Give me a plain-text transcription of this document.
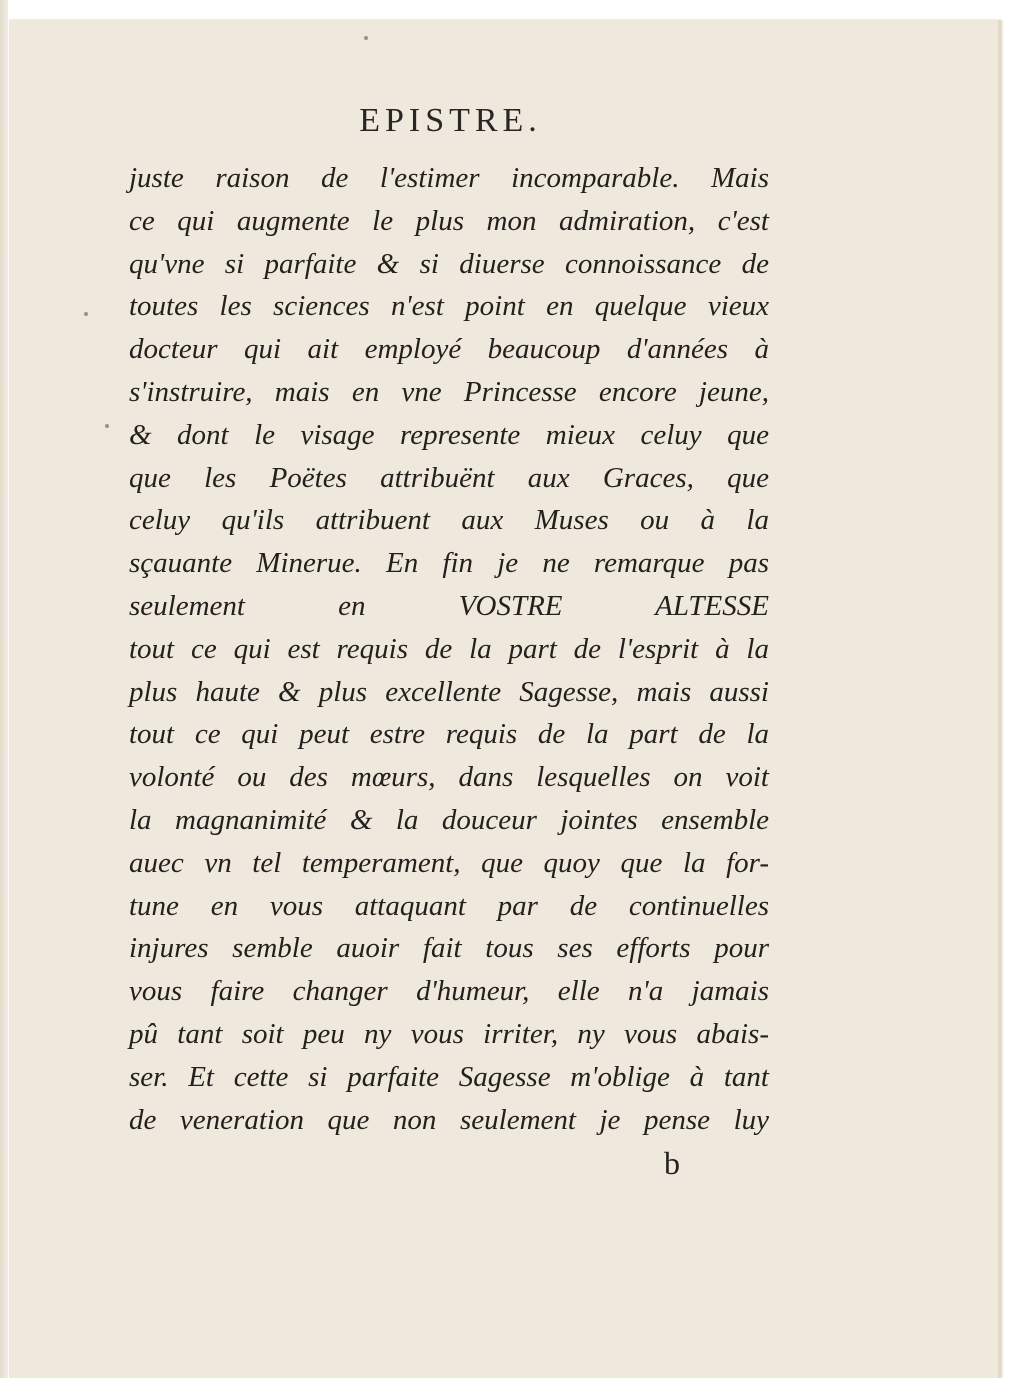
EPISTRE.
juste raison de l'estimer incomparable. Mais
ce qui augmente le plus mon admiration, c'est
qu'vne si parfaite & si diuerse connoissance de
toutes les sciences n'est point en quelque vieux
docteur qui ait employé beaucoup d'années à
s'instruire, mais en vne Princesse encore jeune,
& dont le visage represente mieux celuy que
que les Poëtes attribuënt aux Graces, que
celuy qu'ils attribuent aux Muses ou à la
sçauante Minerue. En fin je ne remarque pas
seulement en VOSTRE ALTESSE
tout ce qui est requis de la part de l'esprit à la
plus haute & plus excellente Sagesse, mais aussi
tout ce qui peut estre requis de la part de la
volonté ou des mœurs, dans lesquelles on voit
la magnanimité & la douceur jointes ensemble
auec vn tel temperament, que quoy que la for-
tune en vous attaquant par de continuelles
injures semble auoir fait tous ses efforts pour
vous faire changer d'humeur, elle n'a jamais
pû tant soit peu ny vous irriter, ny vous abais-
ser. Et cette si parfaite Sagesse m'oblige à tant
de veneration que non seulement je pense luy
b
